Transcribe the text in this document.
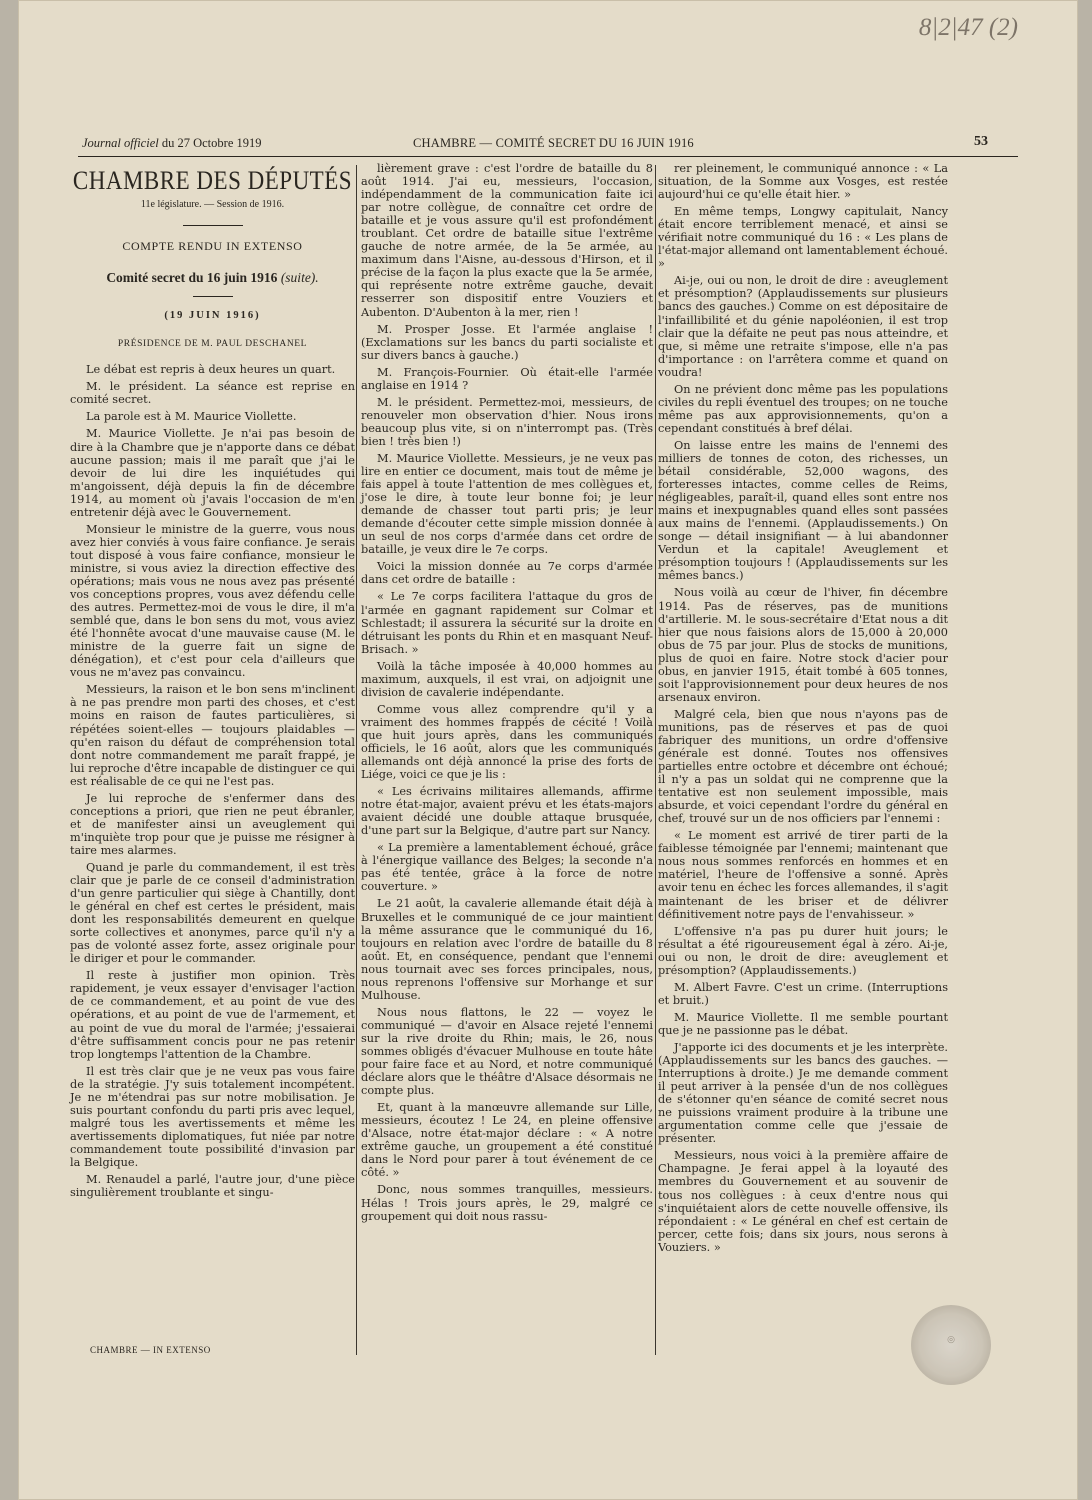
8|2|47 (2)
Journal officiel du 27 Octobre 1919	CHAMBRE — COMITÉ SECRET DU 16 JUIN 1916	53
CHAMBRE DES DÉPUTÉS
11e législature. — Session de 1916.
COMPTE RENDU IN EXTENSO
Comité secret du 16 juin 1916 (suite).
(19 JUIN 1916)
PRÉSIDENCE DE M. PAUL DESCHANEL

Le débat est repris à deux heures un quart.

M. le président. La séance est reprise en comité secret.

La parole est à M. Maurice Viollette.

M. Maurice Viollette. Je n'ai pas besoin de dire à la Chambre que je n'apporte dans ce débat aucune passion; mais il me paraît que j'ai le devoir de lui dire les inquiétudes qui m'angoissent, déjà depuis la fin de décembre 1914, au moment où j'avais l'occasion de m'en entretenir déjà avec le Gouvernement.

Monsieur le ministre de la guerre, vous nous avez hier conviés à vous faire confiance. Je serais tout disposé à vous faire confiance, monsieur le ministre, si vous aviez la direction effective des opérations; mais vous ne nous avez pas présenté vos conceptions propres, vous avez défendu celle des autres. Permettez-moi de vous le dire, il m'a semblé que, dans le bon sens du mot, vous aviez été l'honnête avocat d'une mauvaise cause (M. le ministre de la guerre fait un signe de dénégation), et c'est pour cela d'ailleurs que vous ne m'avez pas convaincu.

Messieurs, la raison et le bon sens m'inclinent à ne pas prendre mon parti des choses, et c'est moins en raison de fautes particulières, si répétées soient-elles — toujours plaidables — qu'en raison du défaut de compréhension total dont notre commandement me paraît frappé, je lui reproche d'être incapable de distinguer ce qui est réalisable de ce qui ne l'est pas.

Je lui reproche de s'enfermer dans des conceptions a priori, que rien ne peut ébranler, et de manifester ainsi un aveuglement qui m'inquiète trop pour que je puisse me résigner à taire mes alarmes.

Quand je parle du commandement, il est très clair que je parle de ce conseil d'administration d'un genre particulier qui siège à Chantilly, dont le général en chef est certes le président, mais dont les responsabilités demeurent en quelque sorte collectives et anonymes, parce qu'il n'y a pas de volonté assez forte, assez originale pour le diriger et pour le commander.

Il reste à justifier mon opinion. Très rapidement, je veux essayer d'envisager l'action de ce commandement, et au point de vue des opérations, et au point de vue de l'armement, et au point de vue du moral de l'armée; j'essaierai d'être suffisamment concis pour ne pas retenir trop longtemps l'attention de la Chambre.

Il est très clair que je ne veux pas vous faire de la stratégie. J'y suis totalement incompétent. Je ne m'étendrai pas sur notre mobilisation. Je suis pourtant confondu du parti pris avec lequel, malgré tous les avertissements et même les avertissements diplomatiques, fut niée par notre commandement toute possibilité d'invasion par la Belgique.

M. Renaudel a parlé, l'autre jour, d'une pièce singulièrement troublante et singu-

lièrement grave : c'est l'ordre de bataille du 8 août 1914. J'ai eu, messieurs, l'occasion, indépendamment de la communication faite ici par notre collègue, de connaître cet ordre de bataille et je vous assure qu'il est profondément troublant. Cet ordre de bataille situe l'extrême gauche de notre armée, de la 5e armée, au maximum dans l'Aisne, au-dessous d'Hirson, et il précise de la façon la plus exacte que la 5e armée, qui représente notre extrême gauche, devait resserrer son dispositif entre Vouziers et Aubenton. D'Aubenton à la mer, rien !

M. Prosper Josse. Et l'armée anglaise ! (Exclamations sur les bancs du parti socialiste et sur divers bancs à gauche.)

M. François-Fournier. Où était-elle l'armée anglaise en 1914 ?

M. le président. Permettez-moi, messieurs, de renouveler mon observation d'hier. Nous irons beaucoup plus vite, si on n'interrompt pas. (Très bien ! très bien !)

M. Maurice Viollette. Messieurs, je ne veux pas lire en entier ce document, mais tout de même je fais appel à toute l'attention de mes collègues et, j'ose le dire, à toute leur bonne foi; je leur demande de chasser tout parti pris; je leur demande d'écouter cette simple mission donnée à un seul de nos corps d'armée dans cet ordre de bataille, je veux dire le 7e corps.

Voici la mission donnée au 7e corps d'armée dans cet ordre de bataille :

« Le 7e corps facilitera l'attaque du gros de l'armée en gagnant rapidement sur Colmar et Schlestadt; il assurera la sécurité sur la droite en détruisant les ponts du Rhin et en masquant Neuf-Brisach. »

Voilà la tâche imposée à 40,000 hommes au maximum, auxquels, il est vrai, on adjoignit une division de cavalerie indépendante.

Comme vous allez comprendre qu'il y a vraiment des hommes frappés de cécité ! Voilà que huit jours après, dans les communiqués officiels, le 16 août, alors que les communiqués allemands ont déjà annoncé la prise des forts de Liége, voici ce que je lis :

« Les écrivains militaires allemands, affirme notre état-major, avaient prévu et les états-majors avaient décidé une double attaque brusquée, d'une part sur la Belgique, d'autre part sur Nancy.

« La première a lamentablement échoué, grâce à l'énergique vaillance des Belges; la seconde n'a pas été tentée, grâce à la force de notre couverture. »

Le 21 août, la cavalerie allemande était déjà à Bruxelles et le communiqué de ce jour maintient la même assurance que le communiqué du 16, toujours en relation avec l'ordre de bataille du 8 août. Et, en conséquence, pendant que l'ennemi nous tournait avec ses forces principales, nous, nous reprenons l'offensive sur Morhange et sur Mulhouse.

Nous nous flattons, le 22 — voyez le communiqué — d'avoir en Alsace rejeté l'ennemi sur la rive droite du Rhin; mais, le 26, nous sommes obligés d'évacuer Mulhouse en toute hâte pour faire face et au Nord, et notre communiqué déclare alors que le théâtre d'Alsace désormais ne compte plus.

Et, quant à la manœuvre allemande sur Lille, messieurs, écoutez ! Le 24, en pleine offensive d'Alsace, notre état-major déclare : « A notre extrême gauche, un groupement a été constitué dans le Nord pour parer à tout événement de ce côté. »

Donc, nous sommes tranquilles, messieurs. Hélas ! Trois jours après, le 29, malgré ce groupement qui doit nous rassu-

rer pleinement, le communiqué annonce : « La situation, de la Somme aux Vosges, est restée aujourd'hui ce qu'elle était hier. »

En même temps, Longwy capitulait, Nancy était encore terriblement menacé, et ainsi se vérifiait notre communiqué du 16 : « Les plans de l'état-major allemand ont lamentablement échoué. »

Ai-je, oui ou non, le droit de dire : aveuglement et présomption? (Applaudissements sur plusieurs bancs des gauches.) Comme on est dépositaire de l'infaillibilité et du génie napoléonien, il est trop clair que la défaite ne peut pas nous atteindre, et que, si même une retraite s'impose, elle n'a pas d'importance : on l'arrêtera comme et quand on voudra!

On ne prévient donc même pas les populations civiles du repli éventuel des troupes; on ne touche même pas aux approvisionnements, qu'on a cependant constitués à bref délai.

On laisse entre les mains de l'ennemi des milliers de tonnes de coton, des richesses, un bétail considérable, 52,000 wagons, des forteresses intactes, comme celles de Reims, négligeables, paraît-il, quand elles sont entre nos mains et inexpugnables quand elles sont passées aux mains de l'ennemi. (Applaudissements.) On songe — détail insignifiant — à lui abandonner Verdun et la capitale! Aveuglement et présomption toujours ! (Applaudissements sur les mêmes bancs.)

Nous voilà au cœur de l'hiver, fin décembre 1914. Pas de réserves, pas de munitions d'artillerie. M. le sous-secrétaire d'Etat nous a dit hier que nous faisions alors de 15,000 à 20,000 obus de 75 par jour. Plus de stocks de munitions, plus de quoi en faire. Notre stock d'acier pour obus, en janvier 1915, était tombé à 605 tonnes, soit l'approvisionnement pour deux heures de nos arsenaux environ.

Malgré cela, bien que nous n'ayons pas de munitions, pas de réserves et pas de quoi fabriquer des munitions, un ordre d'offensive générale est donné. Toutes nos offensives partielles entre octobre et décembre ont échoué; il n'y a pas un soldat qui ne comprenne que la tentative est non seulement impossible, mais absurde, et voici cependant l'ordre du général en chef, trouvé sur un de nos officiers par l'ennemi :

« Le moment est arrivé de tirer parti de la faiblesse témoignée par l'ennemi; maintenant que nous nous sommes renforcés en hommes et en matériel, l'heure de l'offensive a sonné. Après avoir tenu en échec les forces allemandes, il s'agit maintenant de les briser et de délivrer définitivement notre pays de l'envahisseur. »

L'offensive n'a pas pu durer huit jours; le résultat a été rigoureusement égal à zéro. Ai-je, oui ou non, le droit de dire: aveuglement et présomption? (Applaudissements.)

M. Albert Favre. C'est un crime. (Interruptions et bruit.)

M. Maurice Viollette. Il me semble pourtant que je ne passionne pas le débat.

J'apporte ici des documents et je les interprète. (Applaudissements sur les bancs des gauches. — Interruptions à droite.) Je me demande comment il peut arriver à la pensée d'un de nos collègues de s'étonner qu'en séance de comité secret nous ne puissions vraiment produire à la tribune une argumentation comme celle que j'essaie de présenter.

Messieurs, nous voici à la première affaire de Champagne. Je ferai appel à la loyauté des membres du Gouvernement et au souvenir de tous nos collègues : à ceux d'entre nous qui s'inquiétaient alors de cette nouvelle offensive, ils répondaient : « Le général en chef est certain de percer, cette fois; dans six jours, nous serons à Vouziers. »

CHAMBRE — IN EXTENSO
◎
